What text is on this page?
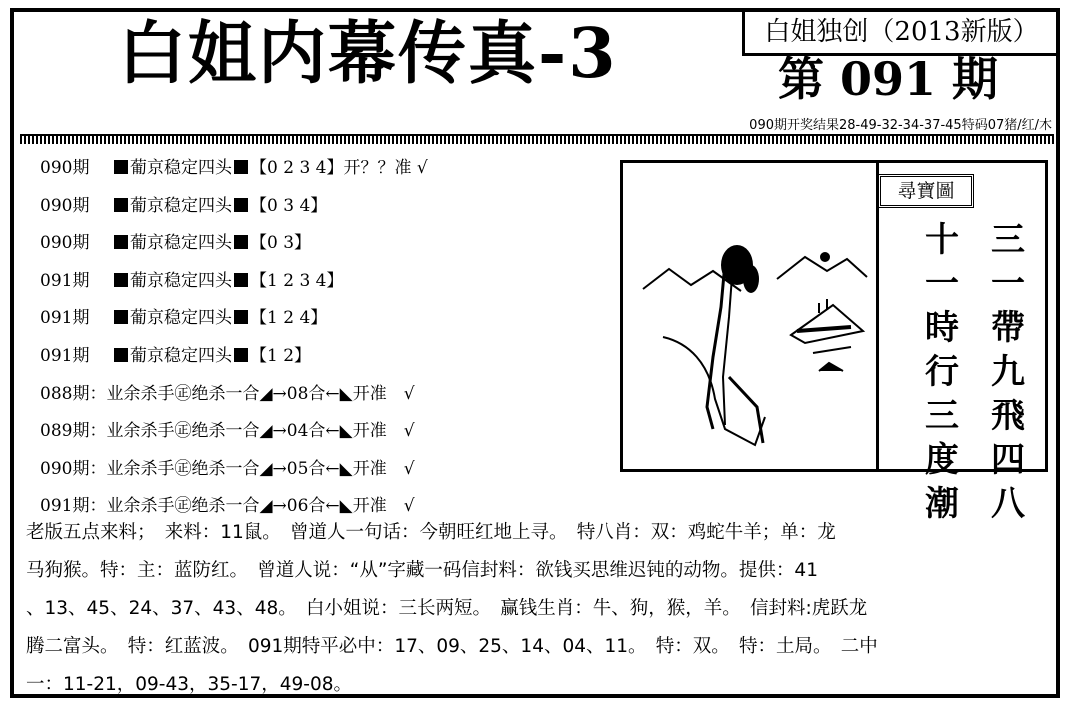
白姐内幕传真-3	白姐独创（2013新版）
第 091 期
090期开奖结果28-49-32-34-37-45特码07猪/红/木
090期 葡京稳定四头 【0 2 3 4】开？？准 √
090期 葡京稳定四头 【0 3 4】
090期 葡京稳定四头 【0 3】
091期 葡京稳定四头 【1 2 3 4】
091期 葡京稳定四头 【1 2 4】
091期 葡京稳定四头 【1 2】
088期：业余杀手㊣绝杀一合◢→08合←◣开准　√
089期：业余杀手㊣绝杀一合◢→04合←◣开准　√
090期：业余杀手㊣绝杀一合◢→05合←◣开准　√
091期：业余杀手㊣绝杀一合◢→06合←◣开准　√
尋寶圖
三
一
帶
九
飛
四
八
十
一
時
行
三
度
潮
老版五点来料；　来料：11鼠。　曾道人一句话：今朝旺红地上寻。　特八肖：双：鸡蛇牛羊；单：龙
马狗猴。特：主：蓝防红。　曾道人说：“从”字藏一码信封料：欲钱买思维迟钝的动物。提供：41
、13、45、24、37、43、48。　白小姐说：三长两短。　赢钱生肖：牛、狗，猴，羊。　信封料:虎跃龙
腾二富头。　特：红蓝波。　091期特平必中：17、09、25、14、04、11。　特：双。　特：土局。　二中
一：11-21，09-43，35-17，49-08。
